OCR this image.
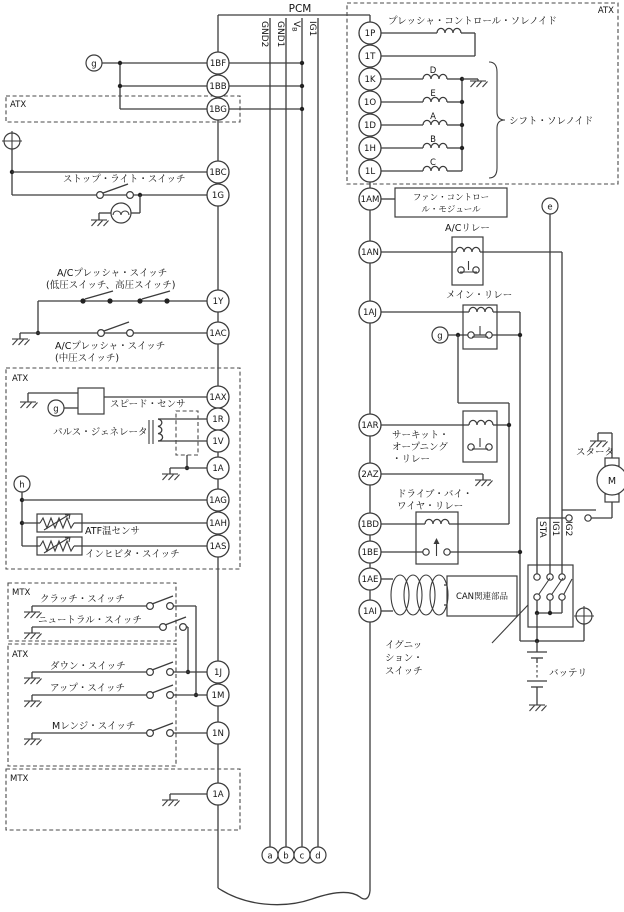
PCM
GND2 GND1 VB IG1
a b c d
ATX
ATX
ATX
MTX
ATX
MTX
g
ストップ・ライト・スイッチ
A/Cプレッシャ・スイッチ
(低圧スイッチ、高圧スイッチ)
A/Cプレッシャ・スイッチ
(中圧スイッチ)
g	スピード・センサ
パルス・ジェネレータ
h
ATF温センサ
インヒビタ・スイッチ
クラッチ・スイッチ
ニュートラル・スイッチ
ダウン・スイッチ
アップ・スイッチ
Mレンジ・スイッチ
プレッシャ・コントロール・ソレノイド
D
E
A
B
C
シフト・ソレノイド
ファン・コントロー
ル・モジュール	e
STA IG1 IG2
A/Cリレー
メイン・リレー
g
サーキット・
オープニング
・リレー
ドライブ・バイ・
ワイヤ・リレー
CAN関連部品
イグニッ
ション・
スイッチ	バッテリ
M
スタータ
1BF
1BB
1BG
1BC
1G
1Y
1AC
1AX
1R
1V
1A
1AG
1AH
1AS
1J
1M
1N
1A
1P
1T
1K
1O
1D
1H
1L
1AM
1AN
1AJ
1AR
2AZ
1BD
1BE
1AE
1AI
